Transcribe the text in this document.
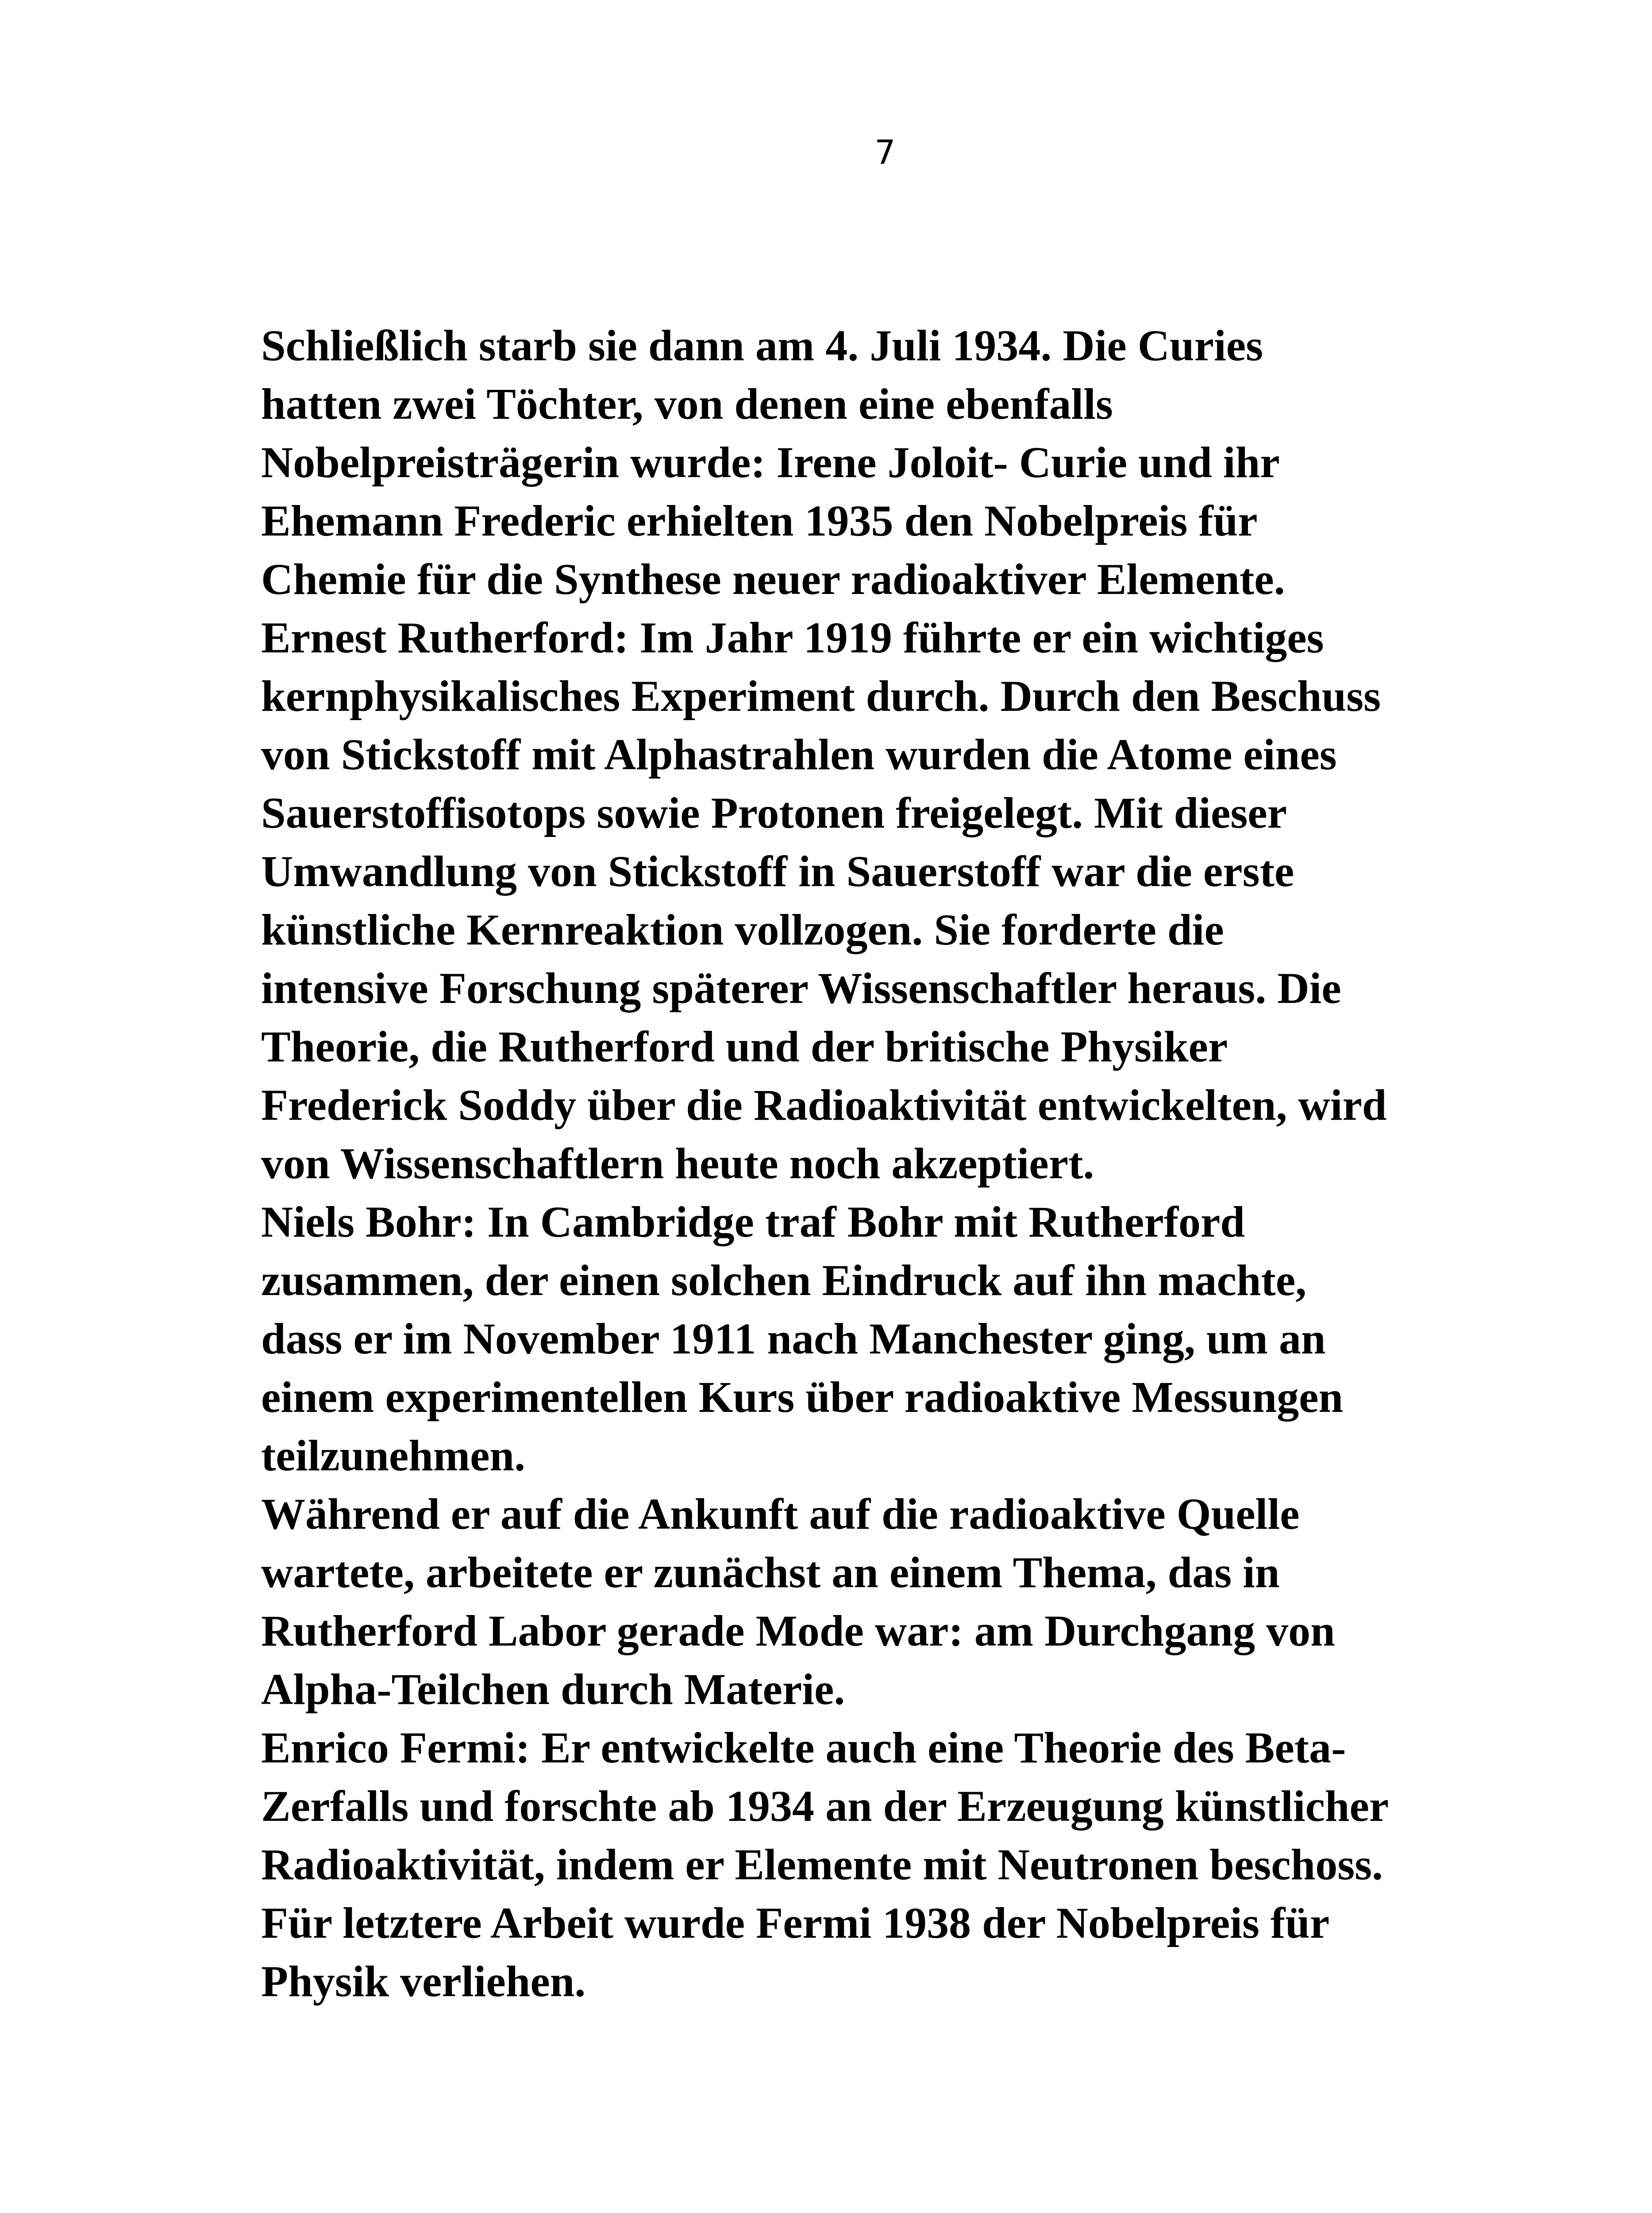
7
Schließlich starb sie dann am 4. Juli 1934. Die Curies
hatten zwei Töchter, von denen eine ebenfalls
Nobelpreisträgerin wurde: Irene Joloit- Curie und ihr
Ehemann Frederic erhielten 1935 den Nobelpreis für
Chemie für die Synthese neuer radioaktiver Elemente.
Ernest Rutherford: Im Jahr 1919 führte er ein wichtiges
kernphysikalisches Experiment durch. Durch den Beschuss
von Stickstoff mit Alphastrahlen wurden die Atome eines
Sauerstoffisotops sowie Protonen freigelegt. Mit dieser
Umwandlung von Stickstoff in Sauerstoff war die erste
künstliche Kernreaktion vollzogen. Sie forderte die
intensive Forschung späterer Wissenschaftler heraus. Die
Theorie, die Rutherford und der britische Physiker
Frederick Soddy über die Radioaktivität entwickelten, wird
von Wissenschaftlern heute noch akzeptiert.
Niels Bohr: In Cambridge traf Bohr mit Rutherford
zusammen, der einen solchen Eindruck auf ihn machte,
dass er im November 1911 nach Manchester ging, um an
einem experimentellen Kurs über radioaktive Messungen
teilzunehmen.
Während er auf die Ankunft auf die radioaktive Quelle
wartete, arbeitete er zunächst an einem Thema, das in
Rutherford Labor gerade Mode war: am Durchgang von
Alpha-Teilchen durch Materie.
Enrico Fermi: Er entwickelte auch eine Theorie des Beta-
Zerfalls und forschte ab 1934 an der Erzeugung künstlicher
Radioaktivität, indem er Elemente mit Neutronen beschoss.
Für letztere Arbeit wurde Fermi 1938 der Nobelpreis für
Physik verliehen.
